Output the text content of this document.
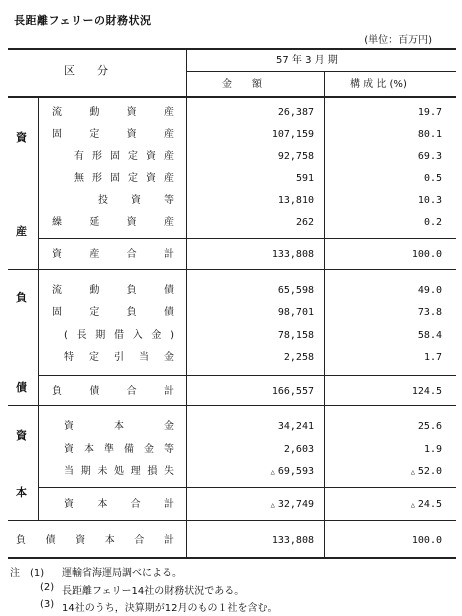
長距離フェリーの財務状況
(単位：百万円)
区　　分
57 年 3 月 期
金　　額	構 成 比 (%)
資
産
負
債
資
本
流動資産
固定資産
有形固定資産
無形固定資産
投資等
繰延資産
資産合計
流動負債
固定負債
(長期借入金)
特定引当金
負債合計
資本金
資本準備金等
当期未処理損失
資本合計
負債資本合計
26,387
107,159
92,758
591
13,810
262
133,808
65,598
98,701
78,158
2,258
166,557
34,241
2,603
△ 69,593
△ 32,749
133,808
19.7
80.1
69.3
0.5
10.3
0.2
100.0
49.0
73.8
58.4
1.7
124.5
25.6
1.9
△ 52.0
△ 24.5
100.0
注　(1) 運輸省海運局調べによる。
(2) 長距離フェリー14社の財務状況である。
(3) 14社のうち，決算期が12月のもの１社を含む。
